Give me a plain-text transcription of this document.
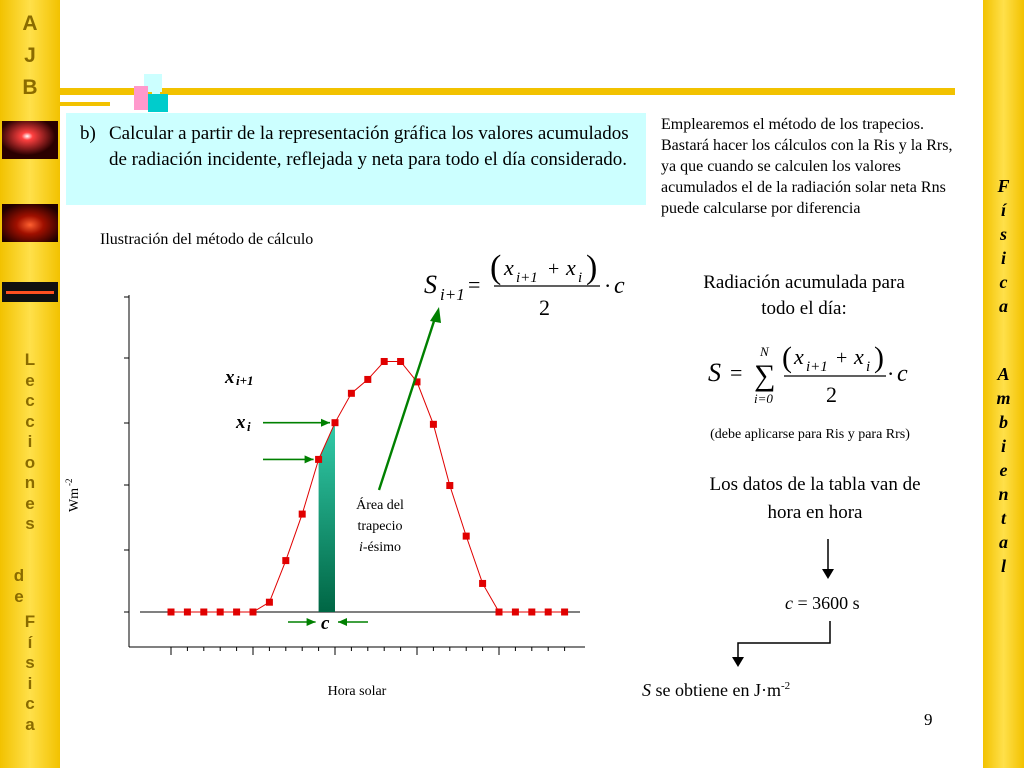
A
J
B
L
e
c
c
i
o
n
e
s
d
e
F
í
s
i
c
a
F
í
s
i
c
a
A
m
b
i
e
n
t
a
l
b) Calcular a partir de la representación gráfica los valores acumulados de radiación incidente, reflejada y neta para todo el día considerado.
Emplearemos el método de los trapecios. Bastará hacer los cálculos con la Ris y la Rrs, ya que cuando se calculen los valores acumulados el de la radiación solar neta Rns puede calcularse por diferencia
Ilustración del método de cálculo
S i+1 = ( x i+1 + x i )
2
· c	Radiación acumulada para todo el día:
S =
N
∑
i=0
( x i+1 + x i )
2
· c
(debe aplicarse para Ris y para Rrs)
Los datos de la tabla van de hora en hora
c = 3600 s
S se obtiene en $J\cdot m^{-2}$
9
Wm
-2
Hora solar
x i+1
x i
c
Área del
trapecio
i-ésimo
